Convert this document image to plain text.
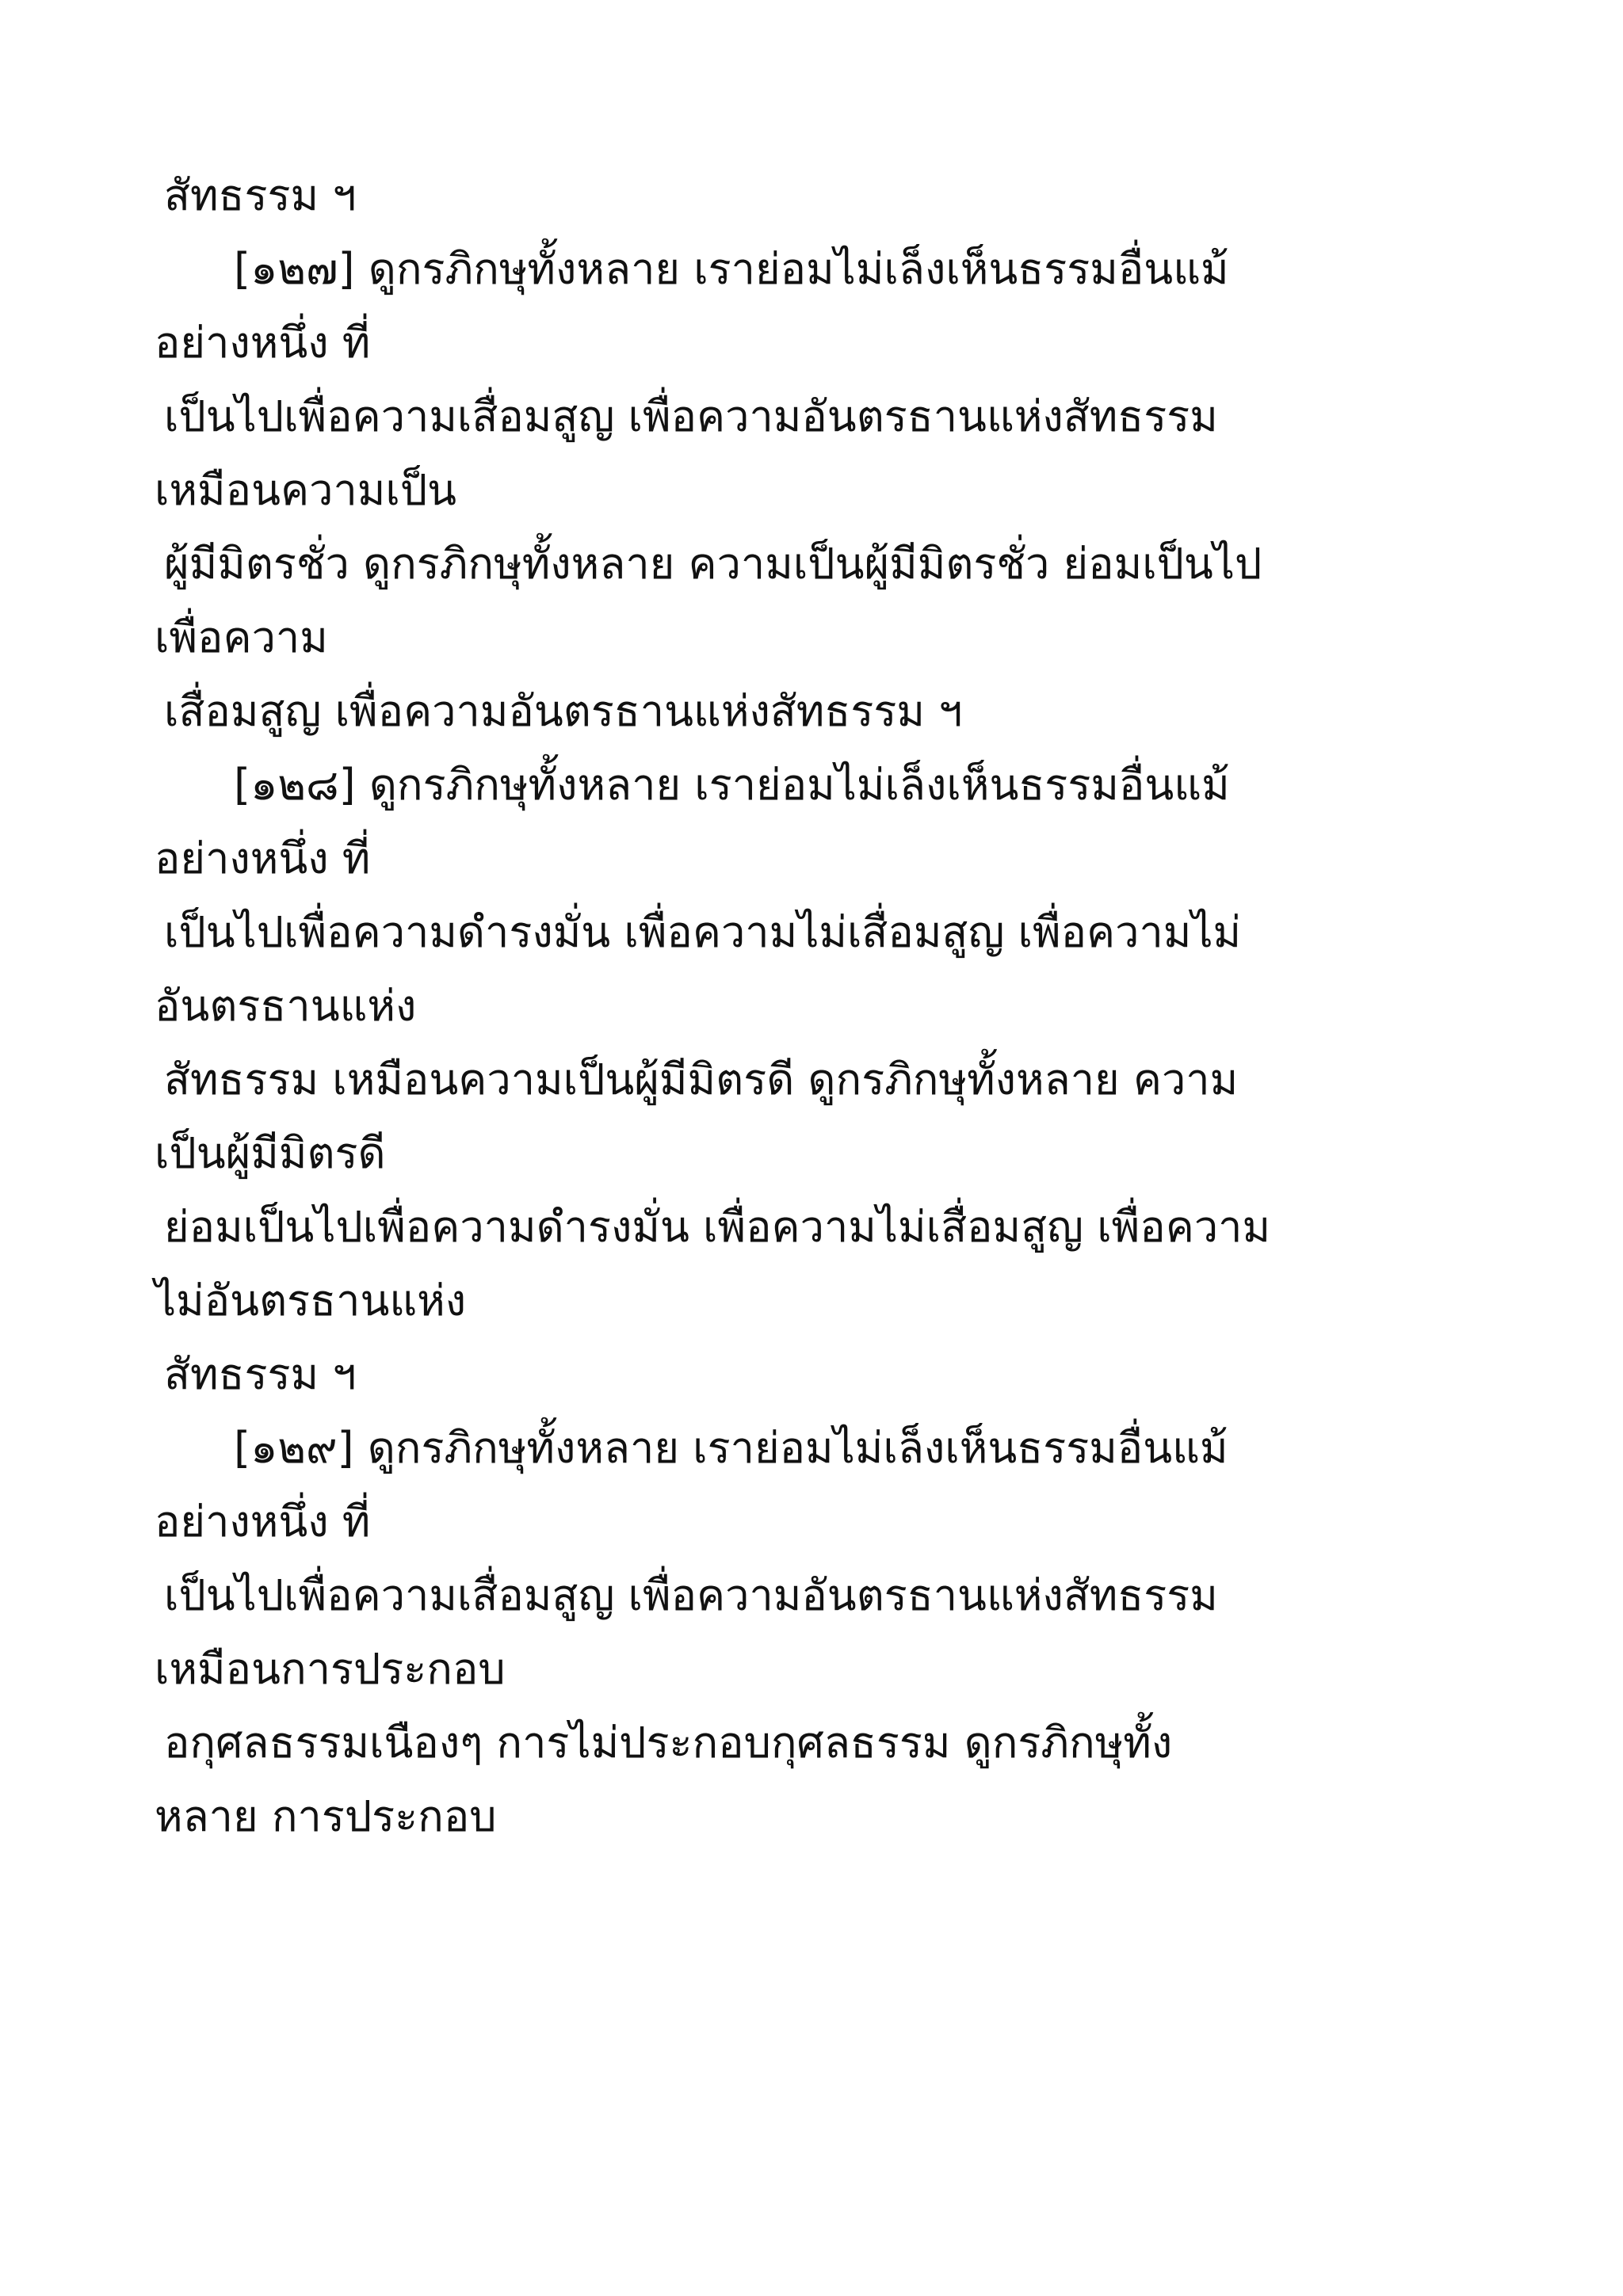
สัทธรรม ฯ
[๑๒๗] ดูกรภิกษุทั้งหลาย เราย่อมไม่เล็งเห็นธรรมอื่นแม้
อย่างหนึ่ง ที่
เป็นไปเพื่อความเสื่อมสูญ เพื่อความอันตรธานแห่งสัทธรรม
เหมือนความเป็น
ผู้มีมิตรชั่ว ดูกรภิกษุทั้งหลาย ความเป็นผู้มีมิตรชั่ว ย่อมเป็นไป
เพื่อความ
เสื่อมสูญ เพื่อความอันตรธานแห่งสัทธรรม ฯ
[๑๒๘] ดูกรภิกษุทั้งหลาย เราย่อมไม่เล็งเห็นธรรมอื่นแม้
อย่างหนึ่ง ที่
เป็นไปเพื่อความดำรงมั่น เพื่อความไม่เสื่อมสูญ เพื่อความไม่
อันตรธานแห่ง
สัทธรรม เหมือนความเป็นผู้มีมิตรดี ดูกรภิกษุทั้งหลาย ความ
เป็นผู้มีมิตรดี
ย่อมเป็นไปเพื่อความดำรงมั่น เพื่อความไม่เสื่อมสูญ เพื่อความ
ไม่อันตรธานแห่ง
สัทธรรม ฯ
[๑๒๙] ดูกรภิกษุทั้งหลาย เราย่อมไม่เล็งเห็นธรรมอื่นแม้
อย่างหนึ่ง ที่
เป็นไปเพื่อความเสื่อมสูญ เพื่อความอันตรธานแห่งสัทธรรม
เหมือนการประกอบ
อกุศลธรรมเนืองๆ การไม่ประกอบกุศลธรรม ดูกรภิกษุทั้ง
หลาย การประกอบ
